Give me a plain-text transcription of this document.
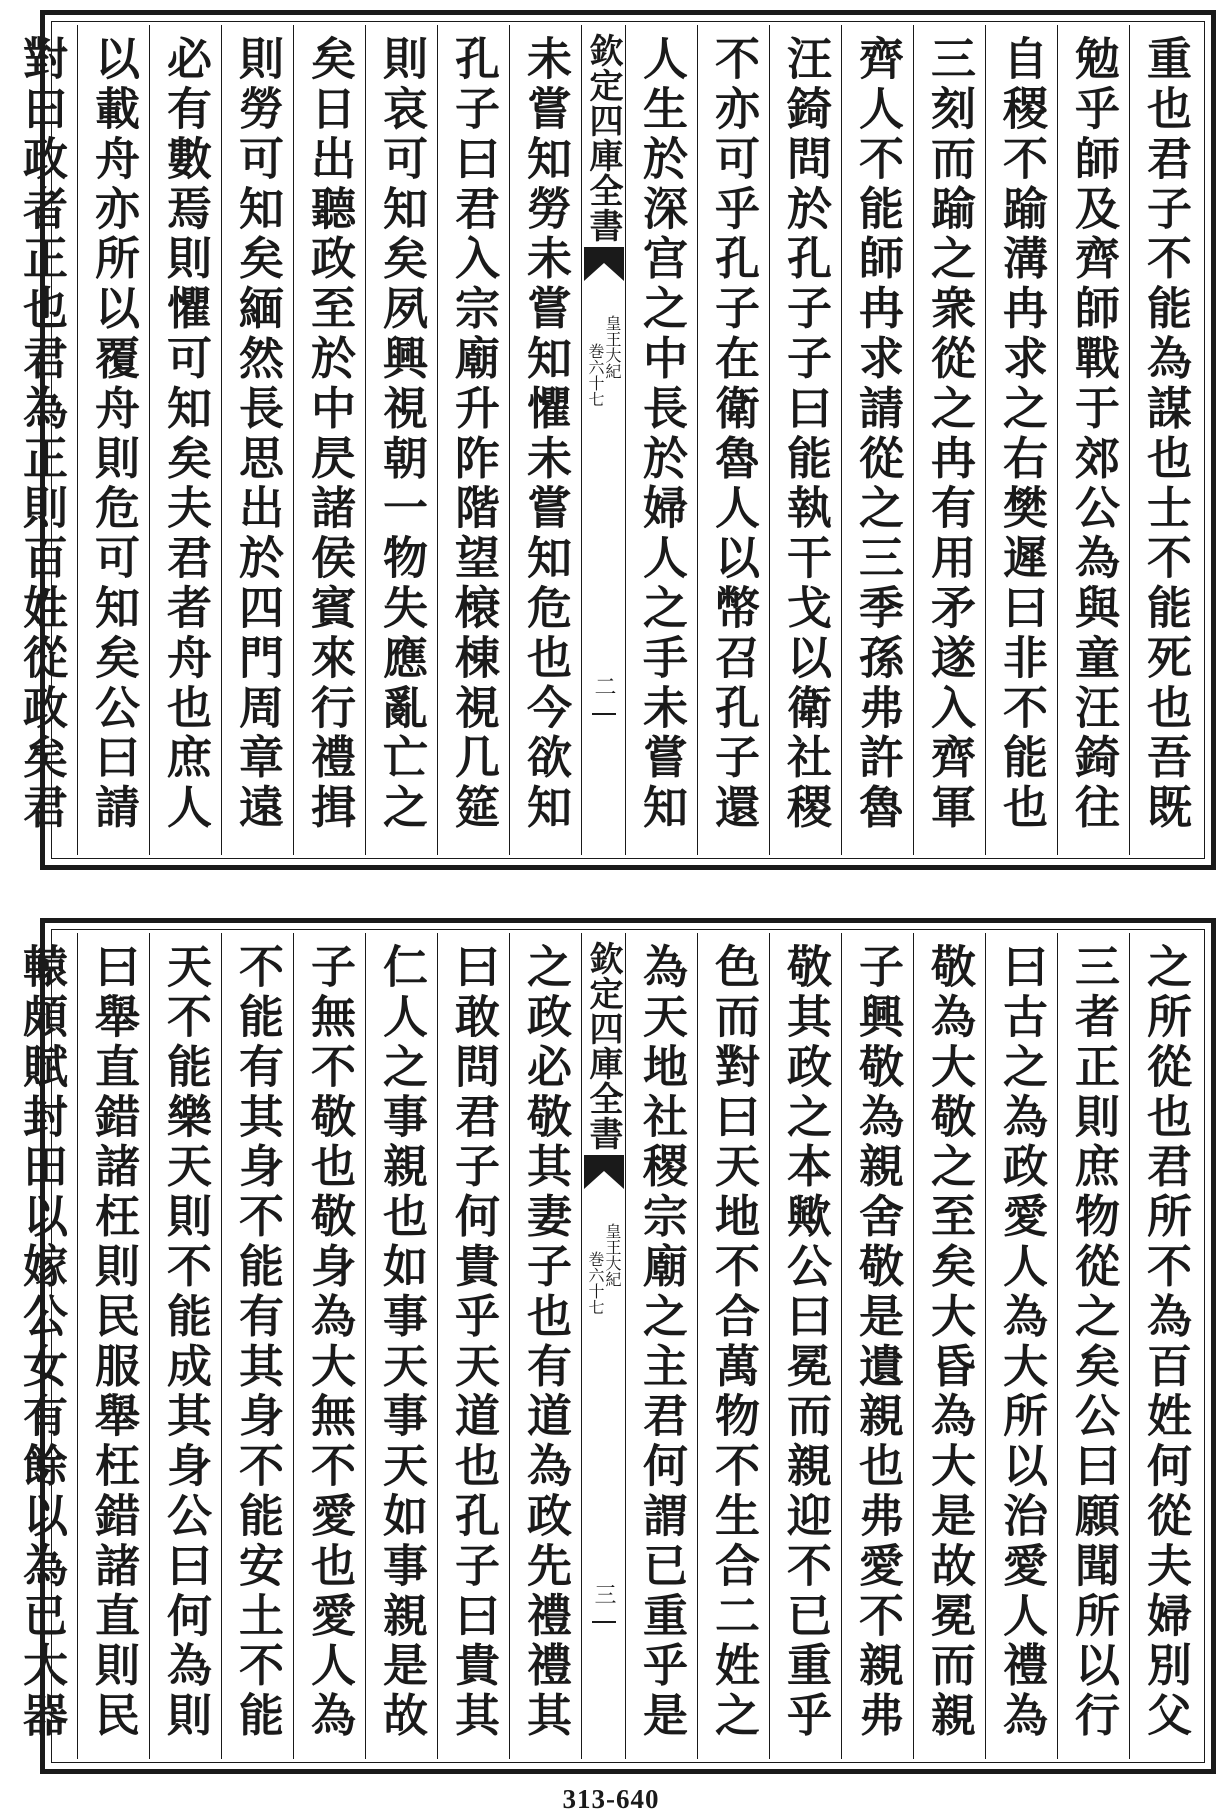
重也君子不能為謀也士不能死也吾既
勉乎師及齊師戰于郊公為與童汪錡往
自稷不踰溝冉求之右樊遲曰非不能也
三刻而踰之衆從之冉有用矛遂入齊軍
齊人不能師冉求請從之三季孫弗許魯
汪錡問於孔子子曰能執干戈以衛社稷
不亦可乎孔子在衛魯人以幣召孔子還
人生於深宫之中長於婦人之手未嘗知
欽定四庫全書
皇王大紀
巻六十七
二
未嘗知勞未嘗知懼未嘗知危也今欲知
孔子曰君入宗廟升阼階望榱棟視几筵
則哀可知矣夙興視朝一物失應亂亡之
矣日出聽政至於中昃諸侯賓來行禮揖
則勞可知矣緬然長思出於四門周章遠
必有數焉則懼可知矣夫君者舟也庶人
以載舟亦所以覆舟則危可知矣公曰請
對曰政者正也君為正則百姓從政矣君
之所從也君所不為百姓何從夫婦別父
三者正則庶物從之矣公曰願聞所以行
曰古之為政愛人為大所以治愛人禮為
敬為大敬之至矣大昏為大是故冕而親
子興敬為親舍敬是遺親也弗愛不親弗
敬其政之本歟公曰冕而親迎不已重乎
色而對曰天地不合萬物不生合二姓之
為天地社稷宗廟之主君何謂已重乎是
欽定四庫全書
皇王大紀
巻六十七
三
之政必敬其妻子也有道為政先禮禮其
曰敢問君子何貴乎天道也孔子曰貴其
仁人之事親也如事天事天如事親是故
子無不敬也敬身為大無不愛也愛人為
不能有其身不能有其身不能安土不能
天不能樂天則不能成其身公曰何為則
曰舉直錯諸枉則民服舉枉錯諸直則民
轅頗賦封田以嫁公女有餘以為已大器
313-640
